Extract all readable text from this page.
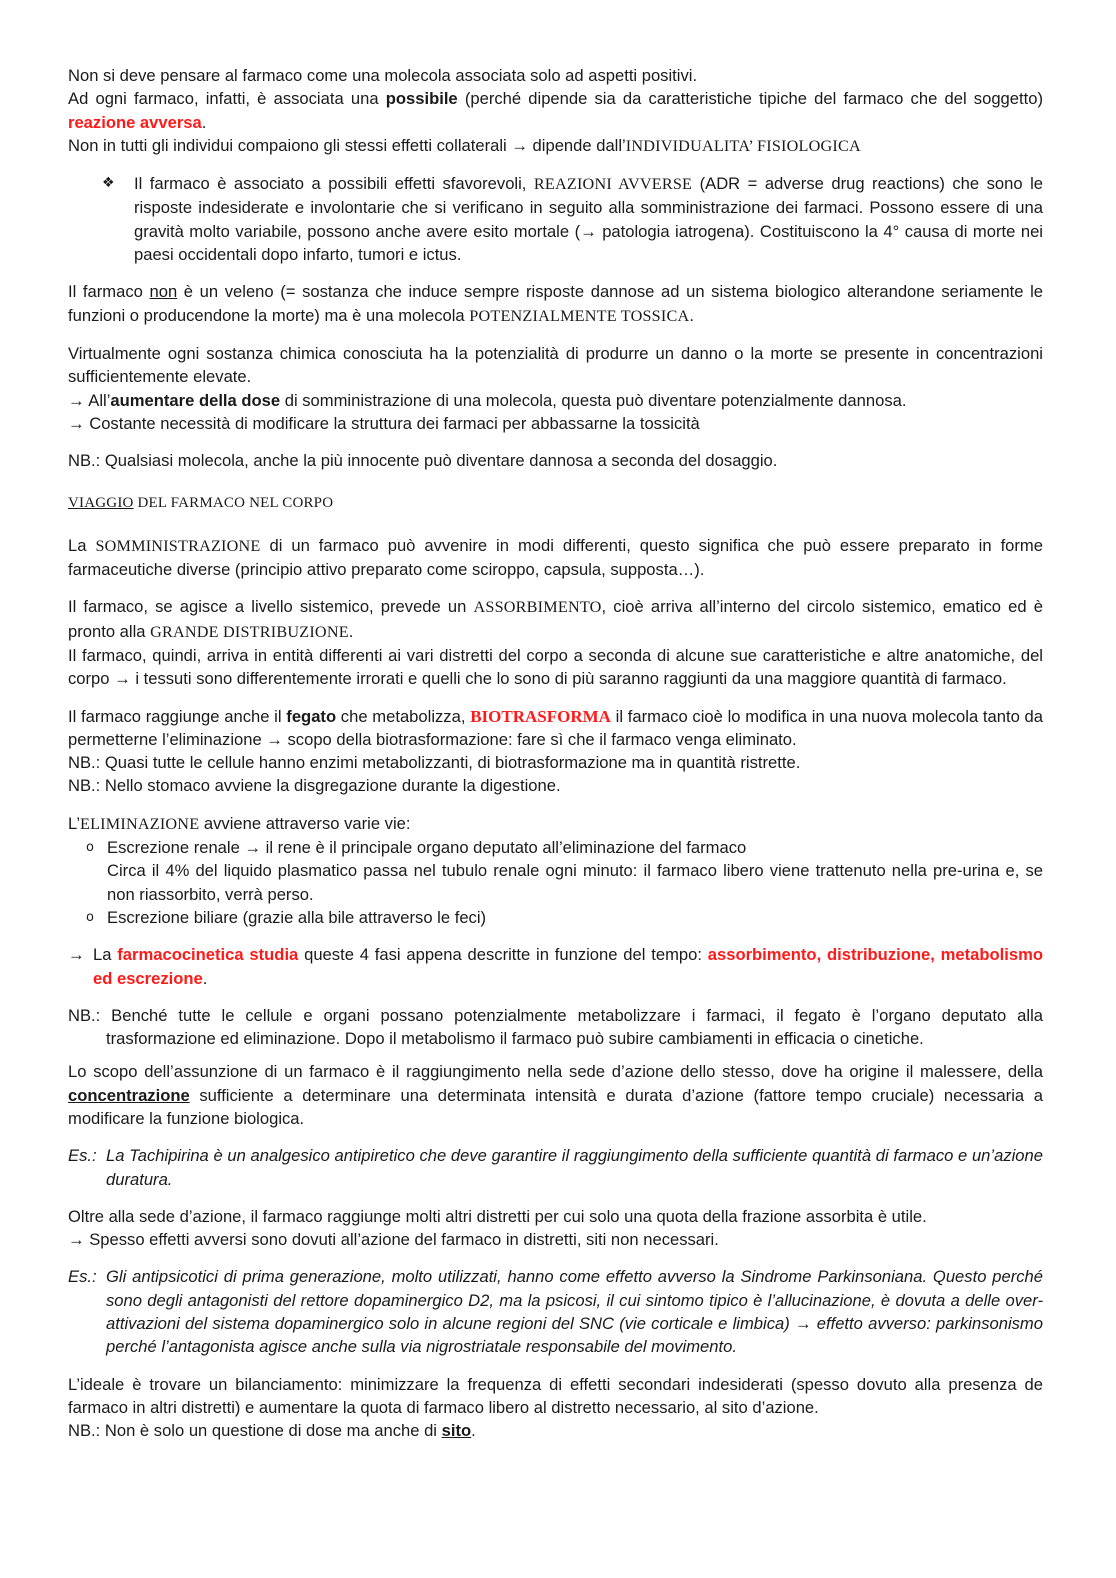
Non si deve pensare al farmaco come una molecola associata solo ad aspetti positivi.

Ad ogni farmaco, infatti, è associata una possibile (perché dipende sia da caratteristiche tipiche del farmaco che del soggetto) reazione avversa.

Non in tutti gli individui compaiono gli stessi effetti collaterali → dipende dall’INDIVIDUALITA’ FISIOLOGICA

❖	Il farmaco è associato a possibili effetti sfavorevoli, REAZIONI AVVERSE (ADR = adverse drug reactions) che sono le risposte indesiderate e involontarie che si verificano in seguito alla somministrazione dei farmaci. Possono essere di una gravità molto variabile, possono anche avere esito mortale (→ patologia iatrogena). Costituiscono la 4° causa di morte nei paesi occidentali dopo infarto, tumori e ictus.

Il farmaco non è un veleno (= sostanza che induce sempre risposte dannose ad un sistema biologico alterandone seriamente le funzioni o producendone la morte) ma è una molecola POTENZIALMENTE TOSSICA.

Virtualmente ogni sostanza chimica conosciuta ha la potenzialità di produrre un danno o la morte se presente in concentrazioni sufficientemente elevate.

→ All’aumentare della dose di somministrazione di una molecola, questa può diventare potenzialmente dannosa.

→ Costante necessità di modificare la struttura dei farmaci per abbassarne la tossicità

NB.: Qualsiasi molecola, anche la più innocente può diventare dannosa a seconda del dosaggio.

VIAGGIO DEL FARMACO NEL CORPO

La SOMMINISTRAZIONE di un farmaco può avvenire in modi differenti, questo significa che può essere preparato in forme farmaceutiche diverse (principio attivo preparato come sciroppo, capsula, supposta…).

Il farmaco, se agisce a livello sistemico, prevede un ASSORBIMENTO, cioè arriva all’interno del circolo sistemico, ematico ed è pronto alla GRANDE DISTRIBUZIONE.

Il farmaco, quindi, arriva in entità differenti ai vari distretti del corpo a seconda di alcune sue caratteristiche e altre anatomiche, del corpo → i tessuti sono differentemente irrorati e quelli che lo sono di più saranno raggiunti da una maggiore quantità di farmaco.

Il farmaco raggiunge anche il fegato che metabolizza, BIOTRASFORMA il farmaco cioè lo modifica in una nuova molecola tanto da permetterne l’eliminazione → scopo della biotrasformazione: fare sì che il farmaco venga eliminato.

NB.: Quasi tutte le cellule hanno enzimi metabolizzanti, di biotrasformazione ma in quantità ristrette.

NB.: Nello stomaco avviene la disgregazione durante la digestione.

L’ELIMINAZIONE avviene attraverso varie vie:

o Escrezione renale → il rene è il principale organo deputato all’eliminazione del farmaco

Circa il 4% del liquido plasmatico passa nel tubulo renale ogni minuto: il farmaco libero viene trattenuto nella pre-urina e, se non riassorbito, verrà perso.

o Escrezione biliare (grazie alla bile attraverso le feci)

→ La farmacocinetica studia queste 4 fasi appena descritte in funzione del tempo: assorbimento, distribuzione, metabolismo ed escrezione.

NB.: Benché tutte le cellule e organi possano potenzialmente metabolizzare i farmaci, il fegato è l’organo deputato alla trasformazione ed eliminazione. Dopo il metabolismo il farmaco può subire cambiamenti in efficacia o cinetiche.

Lo scopo dell’assunzione di un farmaco è il raggiungimento nella sede d’azione dello stesso, dove ha origine il malessere, della concentrazione sufficiente a determinare una determinata intensità e durata d’azione (fattore tempo cruciale) necessaria a modificare la funzione biologica.

Es.: La Tachipirina è un analgesico antipiretico che deve garantire il raggiungimento della sufficiente quantità di farmaco e un’azione duratura.

Oltre alla sede d’azione, il farmaco raggiunge molti altri distretti per cui solo una quota della frazione assorbita è utile.

→ Spesso effetti avversi sono dovuti all’azione del farmaco in distretti, siti non necessari.

Es.: Gli antipsicotici di prima generazione, molto utilizzati, hanno come effetto avverso la Sindrome Parkinsoniana. Questo perché sono degli antagonisti del rettore dopaminergico D2, ma la psicosi, il cui sintomo tipico è l’allucinazione, è dovuta a delle over-attivazioni del sistema dopaminergico solo in alcune regioni del SNC (vie corticale e limbica) → effetto avverso: parkinsonismo perché l’antagonista agisce anche sulla via nigrostriatale responsabile del movimento.

L’ideale è trovare un bilanciamento: minimizzare la frequenza di effetti secondari indesiderati (spesso dovuto alla presenza de farmaco in altri distretti) e aumentare la quota di farmaco libero al distretto necessario, al sito d’azione.

NB.: Non è solo un questione di dose ma anche di sito.
